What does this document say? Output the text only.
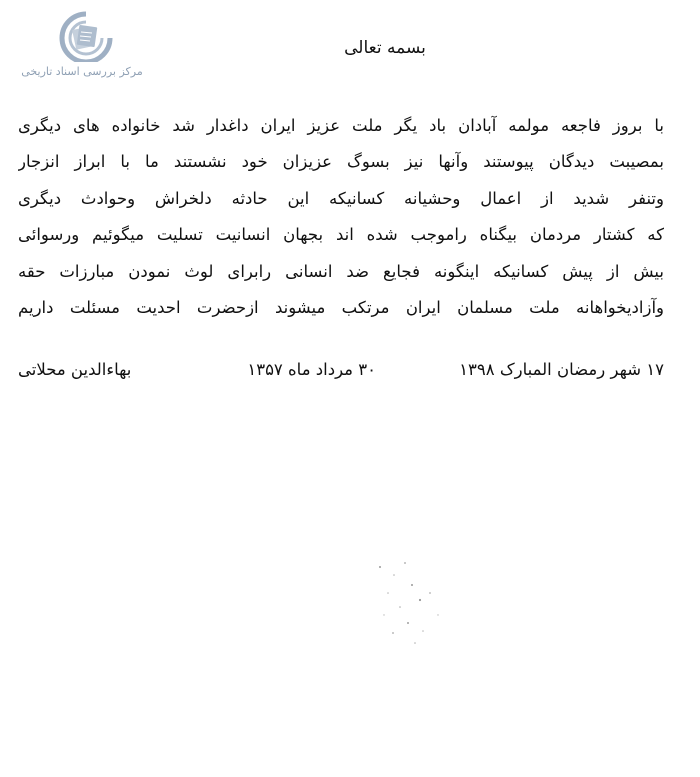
مرکز بررسی اسناد تاریخی
بسمه تعالی
با بروز فاجعه مولمه آبادان باد یگر ملت عزیز ایران داغدار شد خانواده های دیگری
بمصیبت دیدگان پیوستند وآنها نیز بسوگ عزیزان خود نشستند ما با ابراز انزجار
وتنفر شدید از اعمال وحشیانه کسانیکه این حادثه دلخراش وحوادث دیگری
که کشتار مردمان بیگناه راموجب شده اند بجهان انسانیت تسلیت میگوئیم ورسوائی
بیش از پیش کسانیکه اینگونه فجایع ضد انسانی رابرای لوث نمودن مبارزات حقه
وآزادیخواهانه ملت مسلمان ایران مرتکب میشوند ازحضرت احدیت مسئلت داریم
۱۷ شهر رمضان المبارک ۱۳۹۸
۳۰ مرداد ماه ۱۳۵۷
بهاءالدین محلاتی
